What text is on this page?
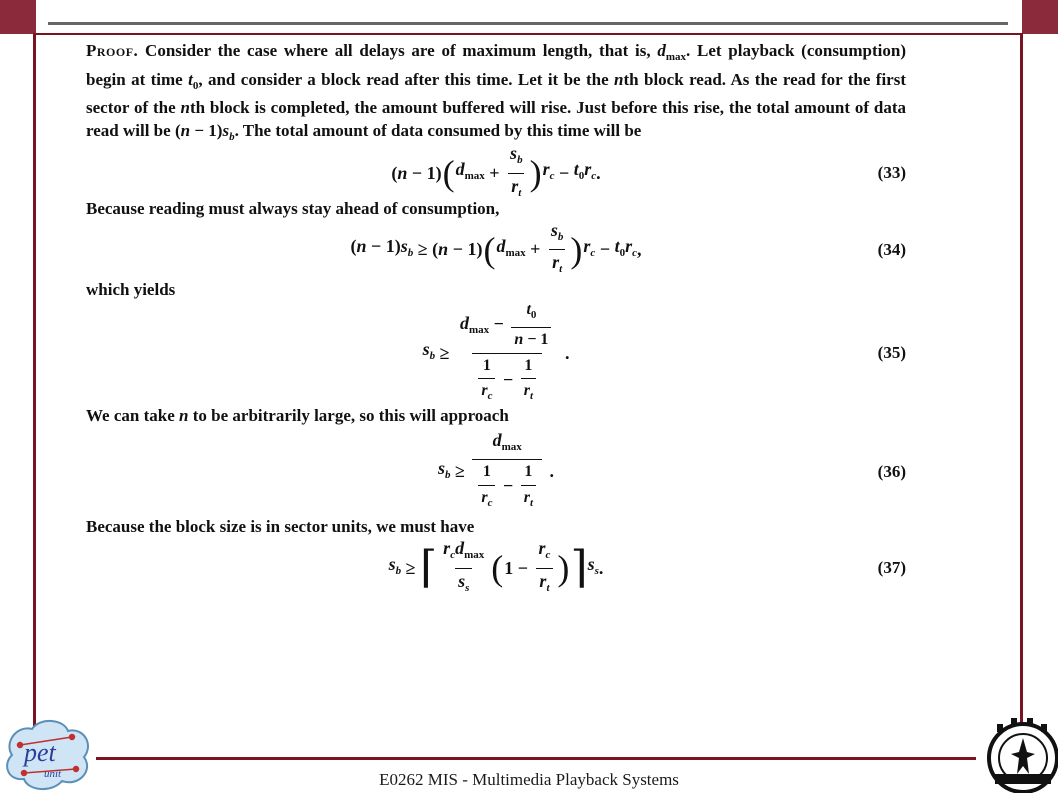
Proof. Consider the case where all delays are of maximum length, that is, $d_{max}$. Let playback (consumption) begin at time $t_0$, and consider a block read after this time. Let it be the nth block read. As the read for the first sector of the nth block is completed, the amount buffered will rise. Just before this rise, the total amount of data read will be $(n - 1)s_b$. The total amount of data consumed by this time will be

(n − 1) ( $d_{max} + \frac{s_b}{r_t}$ ) $r_c - t_0r_c$ .	(33)

Because reading must always stay ahead of consumption,

$(n - 1)s_b \ge (n - 1)$ ( $d_{max} + \frac{s_b}{r_t}$ ) $r_c - t_0r_c$ ,	(34)

which yields

$s_b \ge \frac{d_{max} - \frac{t_0}{n - 1}}{\frac{1}{r_c} - \frac{1}{r_t}}$ .	(35)

We can take n to be arbitrarily large, so this will approach

$s_b \ge \frac{d_{max}}{\frac{1}{r_c} - \frac{1}{r_t}}$ .	(36)

Because the block size is in sector units, we must have

$s_b$ ≥ ⌈ $\frac{r_cd_{max}}{s_s}$ ( $1 - \frac{r_c}{r_t}$ ) ⌉ $s_s$ .	(37)
pet
unit	E0262 MIS - Multimedia Playback Systems
